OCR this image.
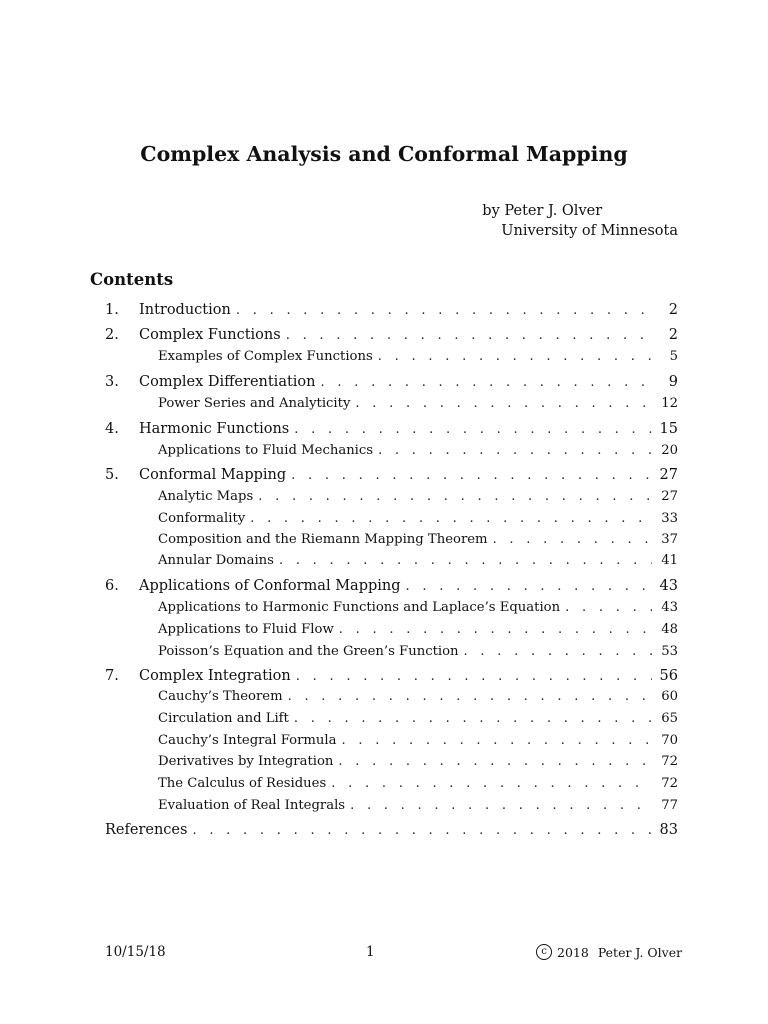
Complex Analysis and Conformal Mapping
by Peter J. Olver
University of Minnesota
Contents
1. Introduction . . .	2
2. Complex Functions . . .	2
Examples of Complex Functions . . .	5
3. Complex Differentiation . . .	9
Power Series and Analyticity . . .	12
4. Harmonic Functions . . .	15
Applications to Fluid Mechanics . . .	20
5. Conformal Mapping . . .	27
Analytic Maps . . .	27
Conformality . . .	33
Composition and the Riemann Mapping Theorem . . .	37
Annular Domains . . .	41
6. Applications of Conformal Mapping . . .	43
Applications to Harmonic Functions and Laplace’s Equation . . .	43
Applications to Fluid Flow . . .	48
Poisson’s Equation and the Green’s Function . . .	53
7. Complex Integration . . .	56
Cauchy’s Theorem . . .	60
Circulation and Lift . . .	65
Cauchy’s Integral Formula . . .	70
Derivatives by Integration . . .	72
The Calculus of Residues . . .	72
Evaluation of Real Integrals . . .	77
References . . .	83
10/15/18	1	c 2018 Peter J. Olver
